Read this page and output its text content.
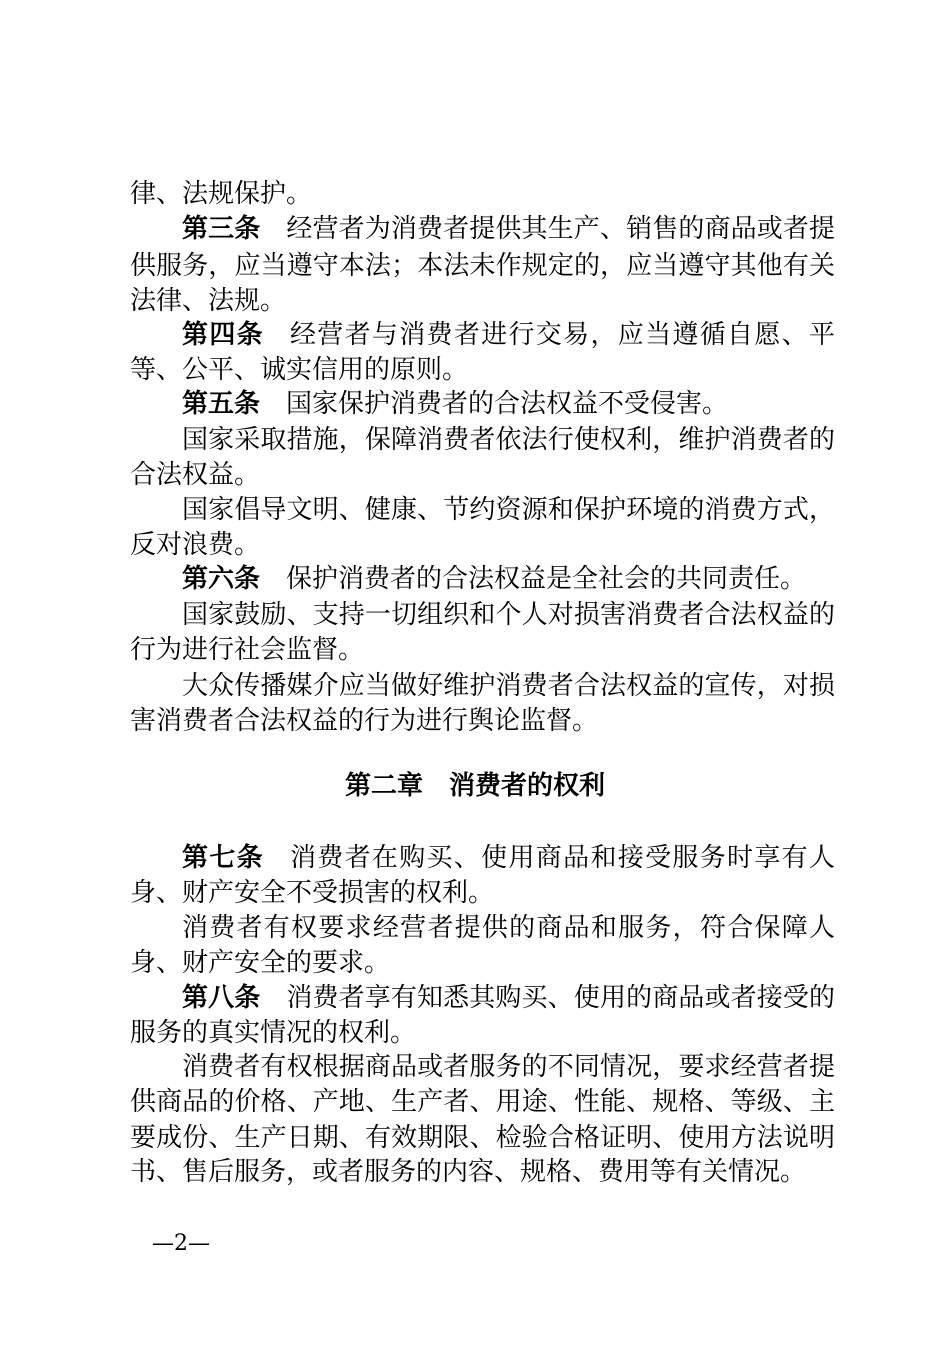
律、法规保护。

第三条 经营者为消费者提供其生产、销售的商品或者提

供服务，应当遵守本法；本法未作规定的，应当遵守其他有关

法律、法规。

第四条 经营者与消费者进行交易，应当遵循自愿、平

等、公平、诚实信用的原则。

第五条 国家保护消费者的合法权益不受侵害。

国家采取措施，保障消费者依法行使权利，维护消费者的

合法权益。

国家倡导文明、健康、节约资源和保护环境的消费方式，

反对浪费。

第六条 保护消费者的合法权益是全社会的共同责任。

国家鼓励、支持一切组织和个人对损害消费者合法权益的

行为进行社会监督。

大众传播媒介应当做好维护消费者合法权益的宣传，对损

害消费者合法权益的行为进行舆论监督。

第二章 消费者的权利

第七条 消费者在购买、使用商品和接受服务时享有人

身、财产安全不受损害的权利。

消费者有权要求经营者提供的商品和服务，符合保障人

身、财产安全的要求。

第八条 消费者享有知悉其购买、使用的商品或者接受的

服务的真实情况的权利。

消费者有权根据商品或者服务的不同情况，要求经营者提

供商品的价格、产地、生产者、用途、性能、规格、等级、主

要成份、生产日期、有效期限、检验合格证明、使用方法说明

书、售后服务，或者服务的内容、规格、费用等有关情况。

—2—
